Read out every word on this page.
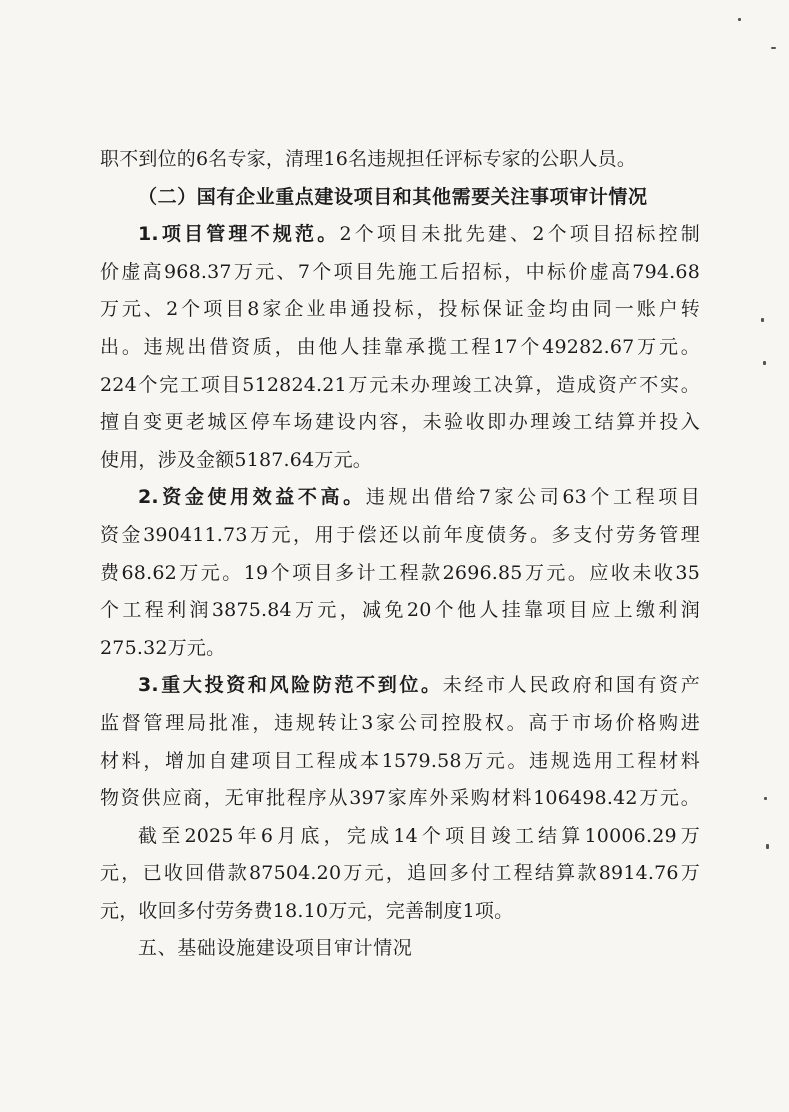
职不到位的6名专家，清理16名违规担任评标专家的公职人员。
（二）国有企业重点建设项目和其他需要关注事项审计情况
1.项目管理不规范。2个项目未批先建、2个项目招标控制
价虚高968.37万元、7个项目先施工后招标，中标价虚高794.68
万元、2个项目8家企业串通投标，投标保证金均由同一账户转
出。违规出借资质，由他人挂靠承揽工程17个49282.67万元。
224个完工项目512824.21万元未办理竣工决算，造成资产不实。
擅自变更老城区停车场建设内容，未验收即办理竣工结算并投入
使用，涉及金额5187.64万元。
2.资金使用效益不高。违规出借给7家公司63个工程项目
资金390411.73万元，用于偿还以前年度债务。多支付劳务管理
费68.62万元。19个项目多计工程款2696.85万元。应收未收35
个工程利润3875.84万元，减免20个他人挂靠项目应上缴利润
275.32万元。
3.重大投资和风险防范不到位。未经市人民政府和国有资产
监督管理局批准，违规转让3家公司控股权。高于市场价格购进
材料，增加自建项目工程成本1579.58万元。违规选用工程材料
物资供应商，无审批程序从397家库外采购材料106498.42万元。
截至2025年6月底，完成14个项目竣工结算10006.29万
元，已收回借款87504.20万元，追回多付工程结算款8914.76万
元，收回多付劳务费18.10万元，完善制度1项。
五、基础设施建设项目审计情况
